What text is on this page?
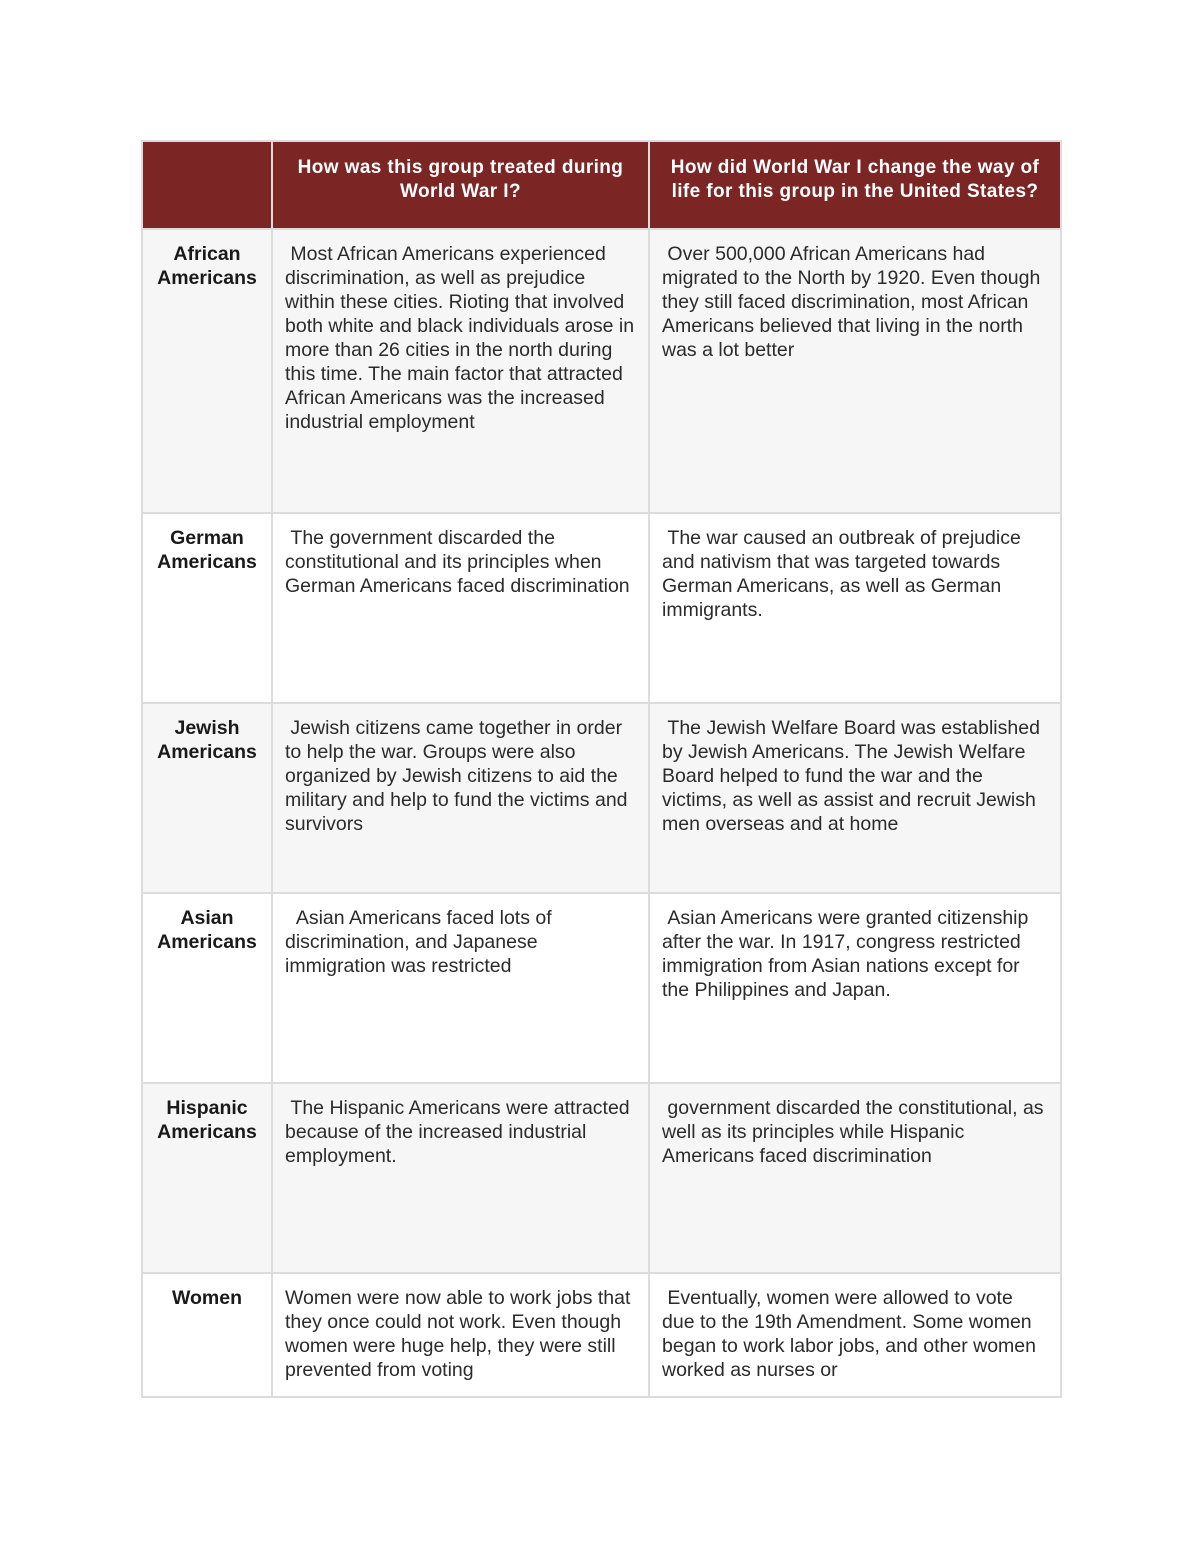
	How was this group treated during World War I?	How did World War I change the way of life for this group in the United States?

African Americans	Most African Americans experienced discrimination, as well as prejudice within these cities. Rioting that involved both white and black individuals arose in more than 26 cities in the north during this time. The main factor that attracted African Americans was the increased industrial employment	Over 500,000 African Americans had migrated to the North by 1920. Even though they still faced discrimination, most African Americans believed that living in the north was a lot better
German Americans	The government discarded the constitutional and its principles when German Americans faced discrimination	The war caused an outbreak of prejudice and nativism that was targeted towards German Americans, as well as German immigrants.
Jewish Americans	Jewish citizens came together in order to help the war. Groups were also organized by Jewish citizens to aid the military and help to fund the victims and survivors	The Jewish Welfare Board was established by Jewish Americans. The Jewish Welfare Board helped to fund the war and the victims, as well as assist and recruit Jewish men overseas and at home
Asian Americans	Asian Americans faced lots of discrimination, and Japanese immigration was restricted	Asian Americans were granted citizenship after the war. In 1917, congress restricted immigration from Asian nations except for the Philippines and Japan.
Hispanic Americans	The Hispanic Americans were attracted because of the increased industrial employment.	government discarded the constitutional, as well as its principles while Hispanic Americans faced discrimination
Women	Women were now able to work jobs that they once could not work. Even though women were huge help, they were still prevented from voting	Eventually, women were allowed to vote due to the 19th Amendment. Some women began to work labor jobs, and other women worked as nurses or
